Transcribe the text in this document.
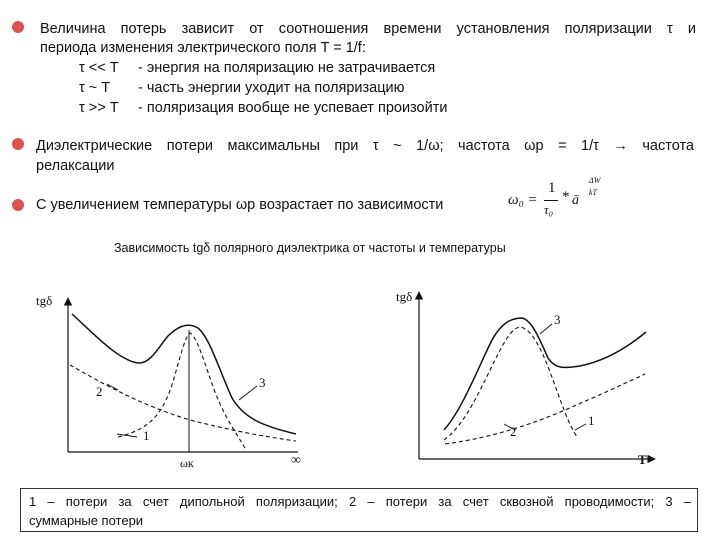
Величина потерь зависит от соотношения времени установления поляризации τ и
периода изменения электрического поля T = 1/f:
τ << T - энергия на поляризацию не затрачивается
τ ~ T - часть энергии уходит на поляризацию
τ >> T - поляризация вообще не успевает произойти
Диэлектрические потери максимальны при τ ~ 1/ω; частота ωр = 1/τ → частота
релаксации
С увеличением температуры ωр возрастает по зависимости	ω₀ =
1
τ₀
* ā
ΔW
kT
Зависимость tgδ полярного диэлектрика от частоты и температуры
tgδ
ωк	∞
1
2
3
tgδ
T
1
2
3
1 – потери за счет дипольной поляризации; 2 – потери за счет сквозной проводимости; 3 –
суммарные потери
